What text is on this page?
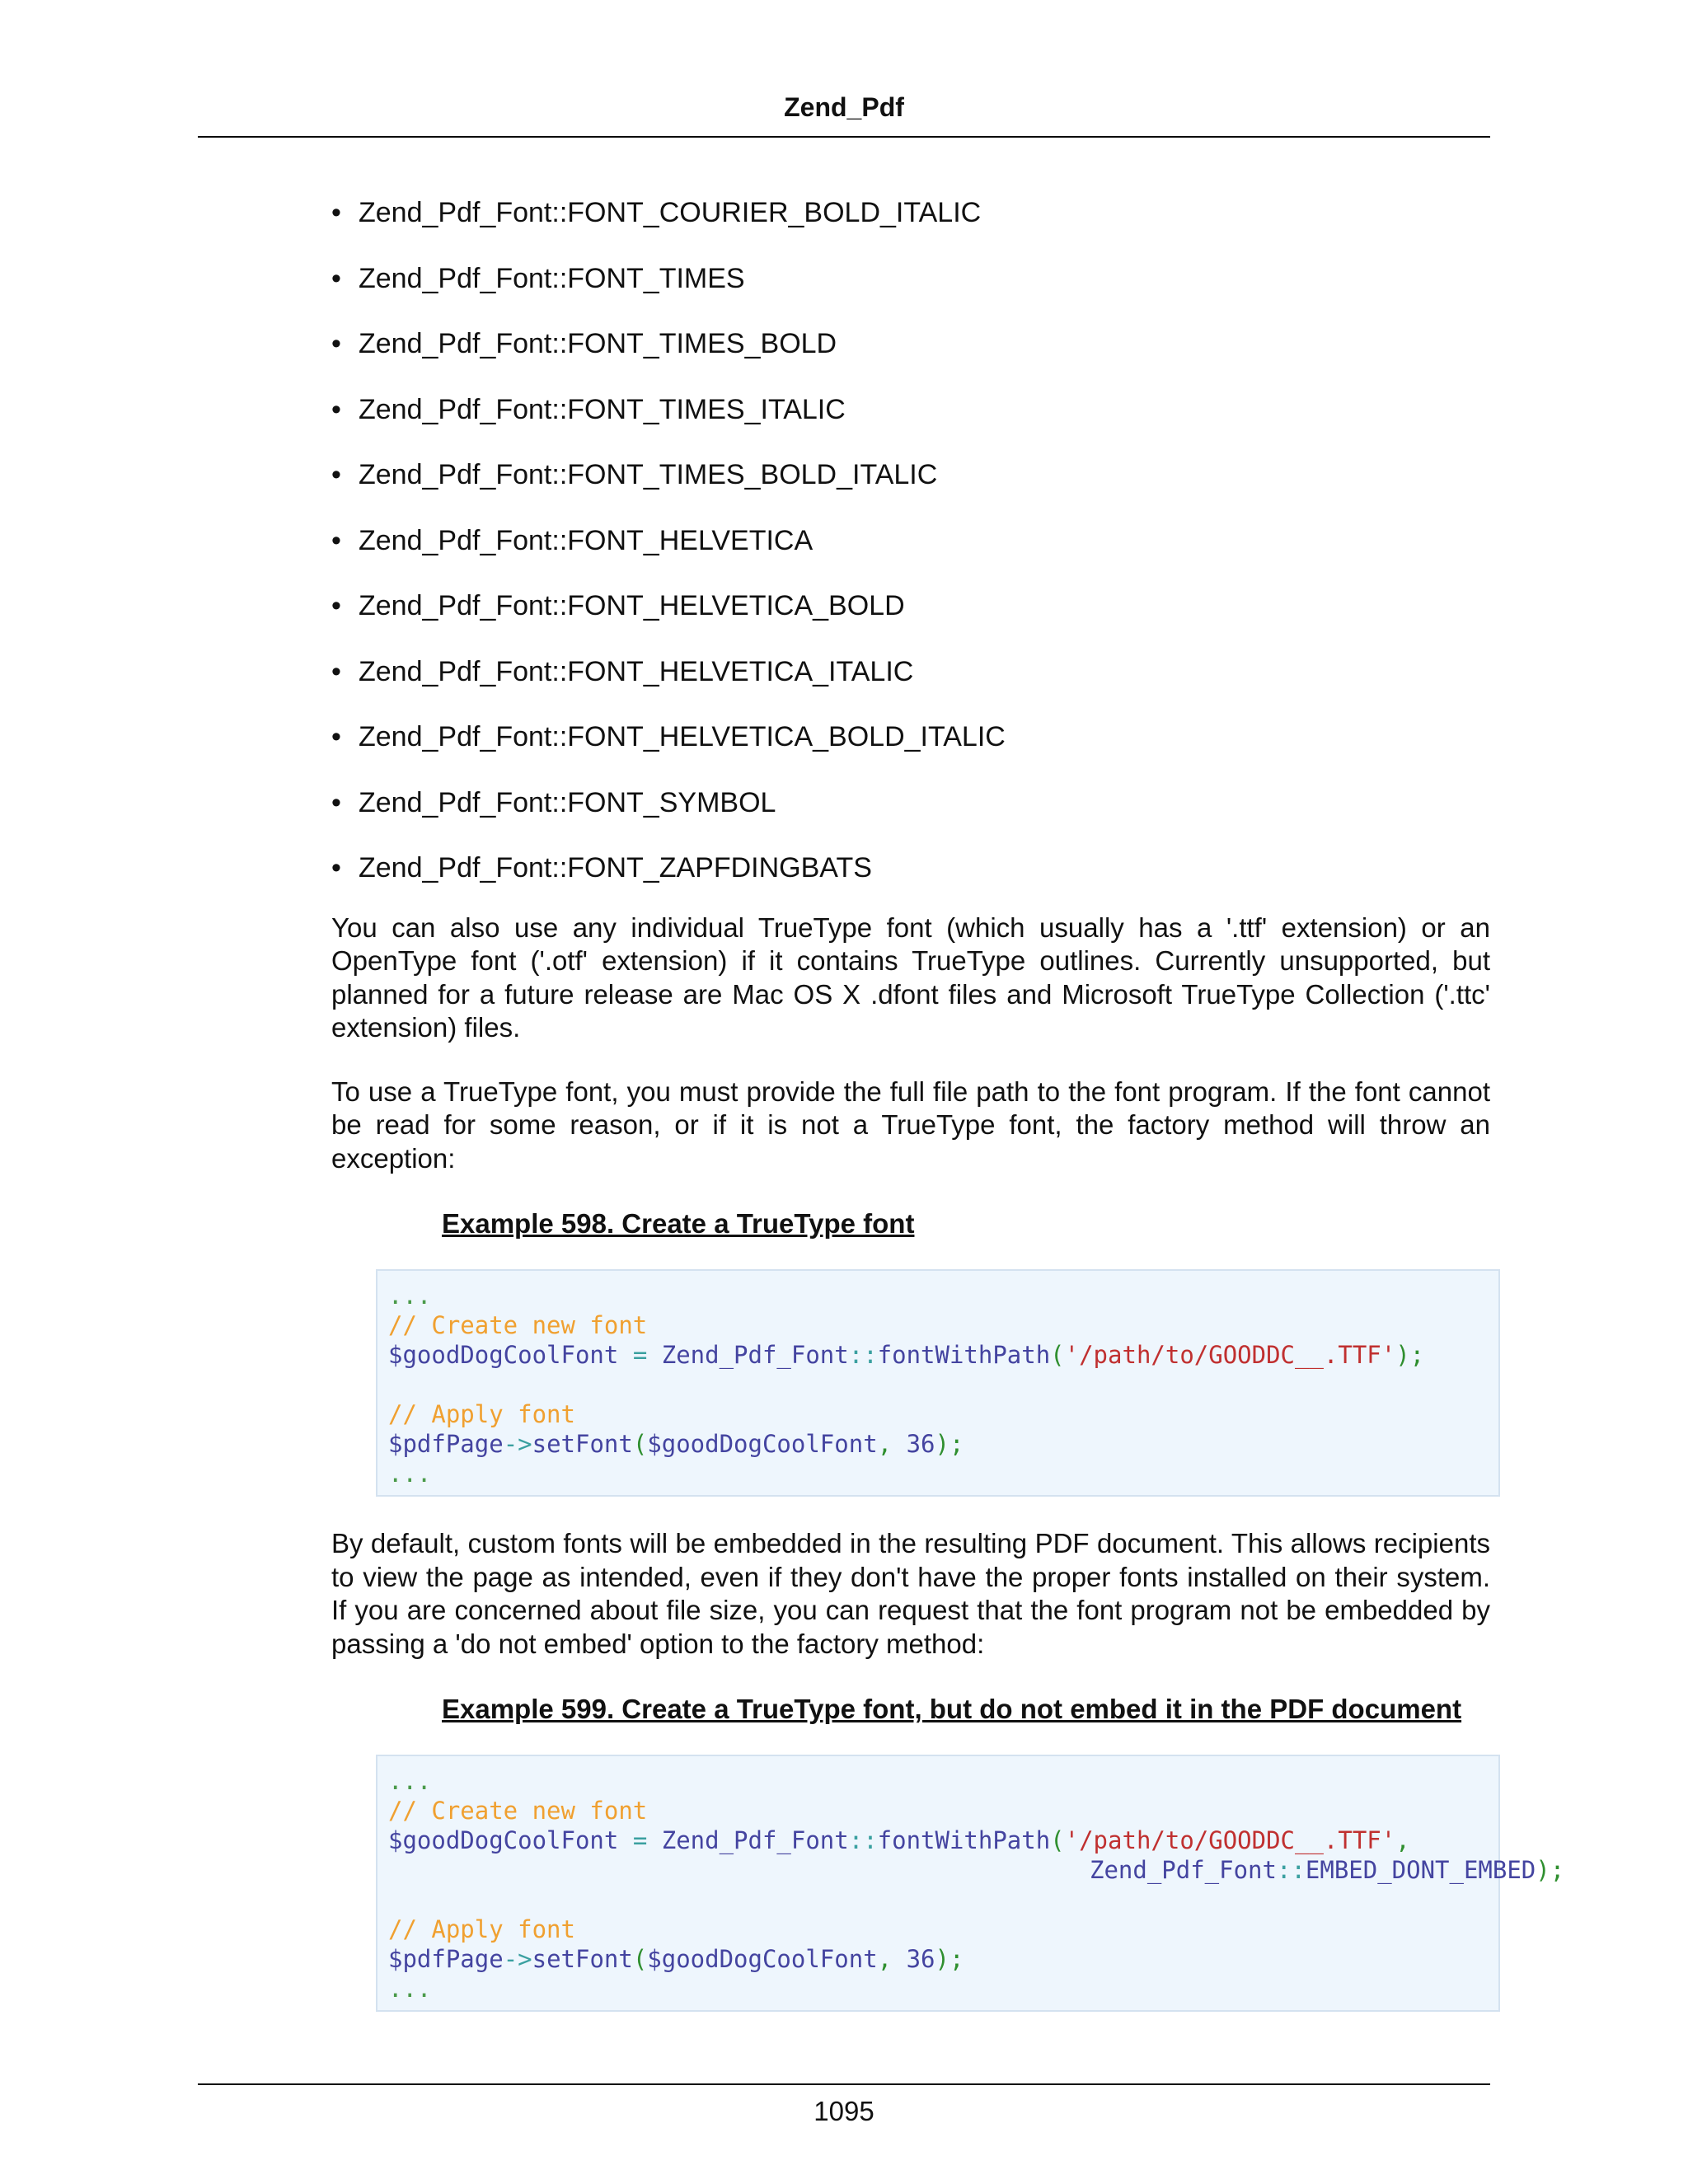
Zend_Pdf
• Zend_Pdf_Font::FONT_COURIER_BOLD_ITALIC
• Zend_Pdf_Font::FONT_TIMES
• Zend_Pdf_Font::FONT_TIMES_BOLD
• Zend_Pdf_Font::FONT_TIMES_ITALIC
• Zend_Pdf_Font::FONT_TIMES_BOLD_ITALIC
• Zend_Pdf_Font::FONT_HELVETICA
• Zend_Pdf_Font::FONT_HELVETICA_BOLD
• Zend_Pdf_Font::FONT_HELVETICA_ITALIC
• Zend_Pdf_Font::FONT_HELVETICA_BOLD_ITALIC
• Zend_Pdf_Font::FONT_SYMBOL
• Zend_Pdf_Font::FONT_ZAPFDINGBATS

You can also use any individual TrueType font (which usually has a '.ttf' extension) or an OpenType font ('.otf' extension) if it contains TrueType outlines. Currently unsupported, but planned for a future release are Mac OS X .dfont files and Microsoft TrueType Collection ('.ttc' extension) files.

To use a TrueType font, you must provide the full file path to the font program. If the font cannot be read for some reason, or if it is not a TrueType font, the factory method will throw an exception:

Example 598. Create a TrueType font

...
// Create new font
$goodDogCoolFont = Zend_Pdf_Font::fontWithPath('/path/to/GOODDC__.TTF');
// Apply font
$pdfPage->setFont($goodDogCoolFont, 36);
...

By default, custom fonts will be embedded in the resulting PDF document. This allows recipients to view the page as intended, even if they don't have the proper fonts installed on their system. If you are concerned about file size, you can request that the font program not be embedded by passing a 'do not embed' option to the factory method:

Example 599. Create a TrueType font, but do not embed it in the PDF document

...
// Create new font
$goodDogCoolFont = Zend_Pdf_Font::fontWithPath('/path/to/GOODDC__.TTF',
Zend_Pdf_Font::EMBED_DONT_EMBED);
// Apply font
$pdfPage->setFont($goodDogCoolFont, 36);
...
1095
